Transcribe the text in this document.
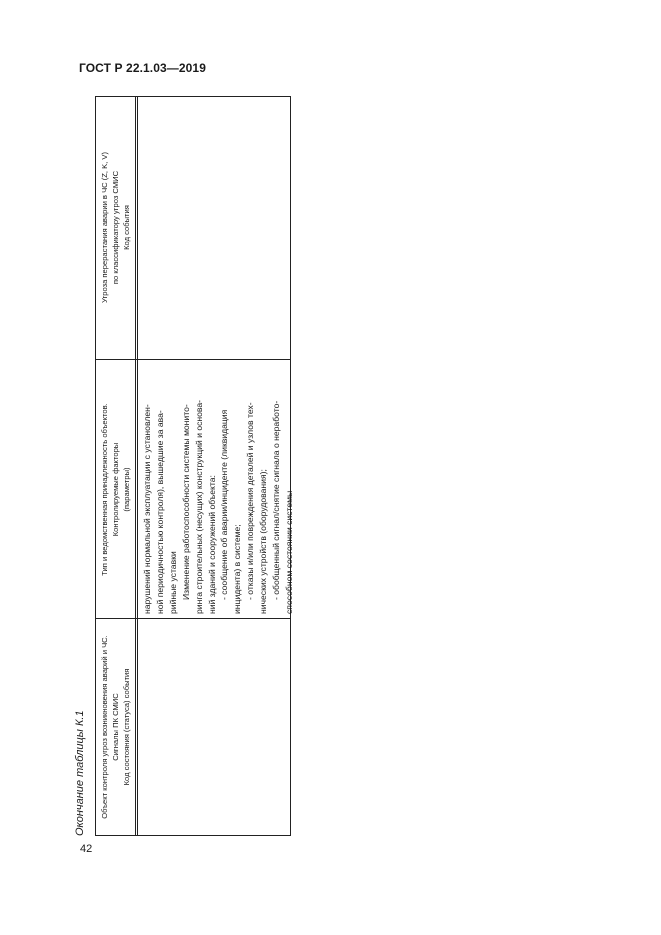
ГОСТ Р 22.1.03—2019
Окончание таблицы К.1 Объект контроля угроз возникновения аварий и ЧС. Сигналы ПК СМИС Код состояния (статуса) события
Тип и ведомственная принадлежность объектов. Контролируемые факторы (параметры)
Угроза перерастания аварии в ЧС (Z, K, V) по классификатору угроз СМИС Код события

нарушений нормальной эксплуатации с установлен- ной периодичностью контроля), вышедшие за ава- рийные уставки Изменение работоспособности системы монито- ринга строительных (несущих) конструкций и основа- ний зданий и сооружений объекта: - сообщение об аварии/инциденте (ликвидация инцидента) в системе; - отказы и/или повреждения деталей и узлов тех- нических устройств (оборудования); - обобщенный сигнал/снятие сигнала о неработо- способном состоянии системы

42
